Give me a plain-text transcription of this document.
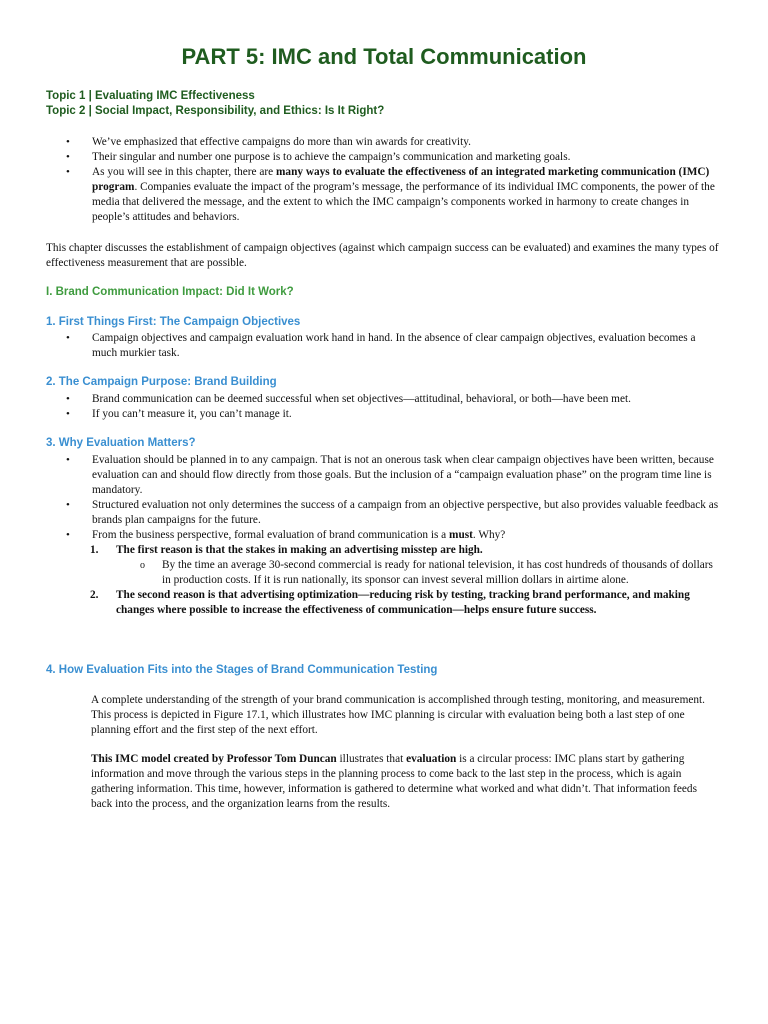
PART 5: IMC and Total Communication

Topic 1 | Evaluating IMC Effectiveness

Topic 2 | Social Impact, Responsibility, and Ethics: Is It Right?

• We’ve emphasized that effective campaigns do more than win awards for creativity.
• Their singular and number one purpose is to achieve the campaign’s communication and marketing goals.
• As you will see in this chapter, there are many ways to evaluate the effectiveness of an integrated marketing communication (IMC) program. Companies evaluate the impact of the program’s message, the performance of its individual IMC components, the power of the media that delivered the message, and the extent to which the IMC campaign’s components worked in harmony to create changes in people’s attitudes and behaviors.

This chapter discusses the establishment of campaign objectives (against which campaign success can be evaluated) and examines the many types of effectiveness measurement that are possible.

I. Brand Communication Impact: Did It Work?

1. First Things First: The Campaign Objectives

• Campaign objectives and campaign evaluation work hand in hand. In the absence of clear campaign objectives, evaluation becomes a much murkier task.

2. The Campaign Purpose: Brand Building

• Brand communication can be deemed successful when set objectives—attitudinal, behavioral, or both—have been met.
• If you can’t measure it, you can’t manage it.

3. Why Evaluation Matters?

• Evaluation should be planned in to any campaign. That is not an onerous task when clear campaign objectives have been written, because evaluation can and should flow directly from those goals. But the inclusion of a “campaign evaluation phase” on the program time line is mandatory.
• Structured evaluation not only determines the success of a campaign from an objective perspective, but also provides valuable feedback as brands plan campaigns for the future.
• From the business perspective, formal evaluation of brand communication is a must. Why?
1. The first reason is that the stakes in making an advertising misstep are high.
o By the time an average 30-second commercial is ready for national television, it has cost hundreds of thousands of dollars in production costs. If it is run nationally, its sponsor can invest several million dollars in airtime alone.
2. The second reason is that advertising optimization—reducing risk by testing, tracking brand performance, and making changes where possible to increase the effectiveness of communication—helps ensure future success.

4. How Evaluation Fits into the Stages of Brand Communication Testing

A complete understanding of the strength of your brand communication is accomplished through testing, monitoring, and measurement. This process is depicted in Figure 17.1, which illustrates how IMC planning is circular with evaluation being both a last step of one planning effort and the first step of the next effort.

This IMC model created by Professor Tom Duncan illustrates that evaluation is a circular process: IMC plans start by gathering information and move through the various steps in the planning process to come back to the last step in the process, which is again gathering information. This time, however, information is gathered to determine what worked and what didn’t. That information feeds back into the process, and the organization learns from the results.
